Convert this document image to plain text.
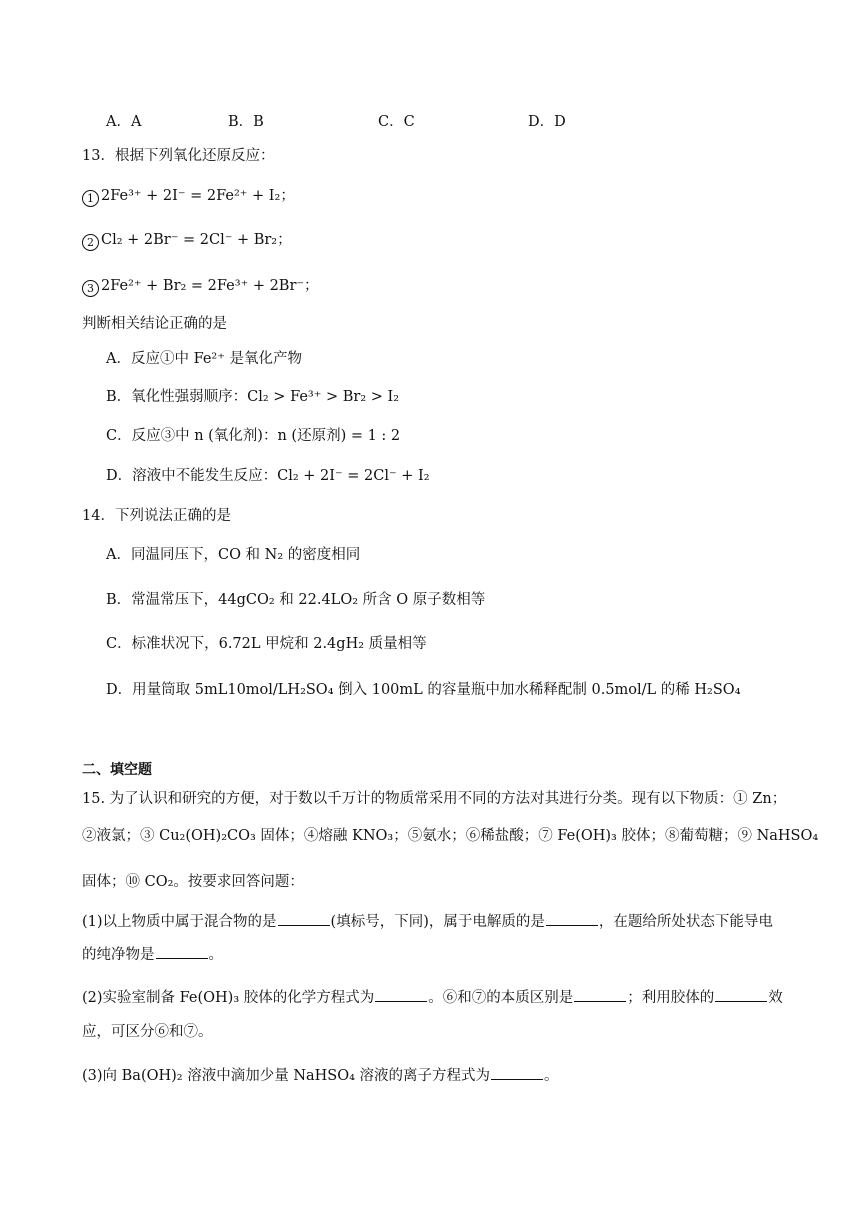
A．A	B．B	C．C	D．D
13．根据下列氧化还原反应：
1 2Fe³⁺ + 2I⁻ = 2Fe²⁺ + I₂；
2 Cl₂ + 2Br⁻ = 2Cl⁻ + Br₂；
3 2Fe²⁺ + Br₂ = 2Fe³⁺ + 2Br⁻；
判断相关结论正确的是
A．反应①中 Fe²⁺ 是氧化产物
B．氧化性强弱顺序：Cl₂ > Fe³⁺ > Br₂ > I₂
C．反应③中 n (氧化剂)：n (还原剂) = 1 : 2
D．溶液中不能发生反应：Cl₂ + 2I⁻ = 2Cl⁻ + I₂
14．下列说法正确的是
A．同温同压下，CO 和 N₂ 的密度相同
B．常温常压下，44gCO₂ 和 22.4LO₂ 所含 O 原子数相等
C．标准状况下，6.72L 甲烷和 2.4gH₂ 质量相等
D．用量筒取 5mL10mol/LH₂SO₄ 倒入 100mL 的容量瓶中加水稀释配制 0.5mol/L 的稀 H₂SO₄
二、填空题
15. 为了认识和研究的方便，对于数以千万计的物质常采用不同的方法对其进行分类。现有以下物质：① Zn；
②液氯；③ Cu₂(OH)₂CO₃ 固体；④熔融 KNO₃；⑤氨水；⑥稀盐酸；⑦ Fe(OH)₃ 胶体；⑧葡萄糖；⑨ NaHSO₄
固体；⑩ CO₂。按要求回答问题：
(1)以上物质中属于混合物的是	(填标号，下同)，属于电解质的是	，在题给所处状态下能导电
的纯净物是	。
(2)实验室制备 Fe(OH)₃ 胶体的化学方程式为	。⑥和⑦的本质区别是	；利用胶体的	效
应，可区分⑥和⑦。
(3)向 Ba(OH)₂ 溶液中滴加少量 NaHSO₄ 溶液的离子方程式为	。
